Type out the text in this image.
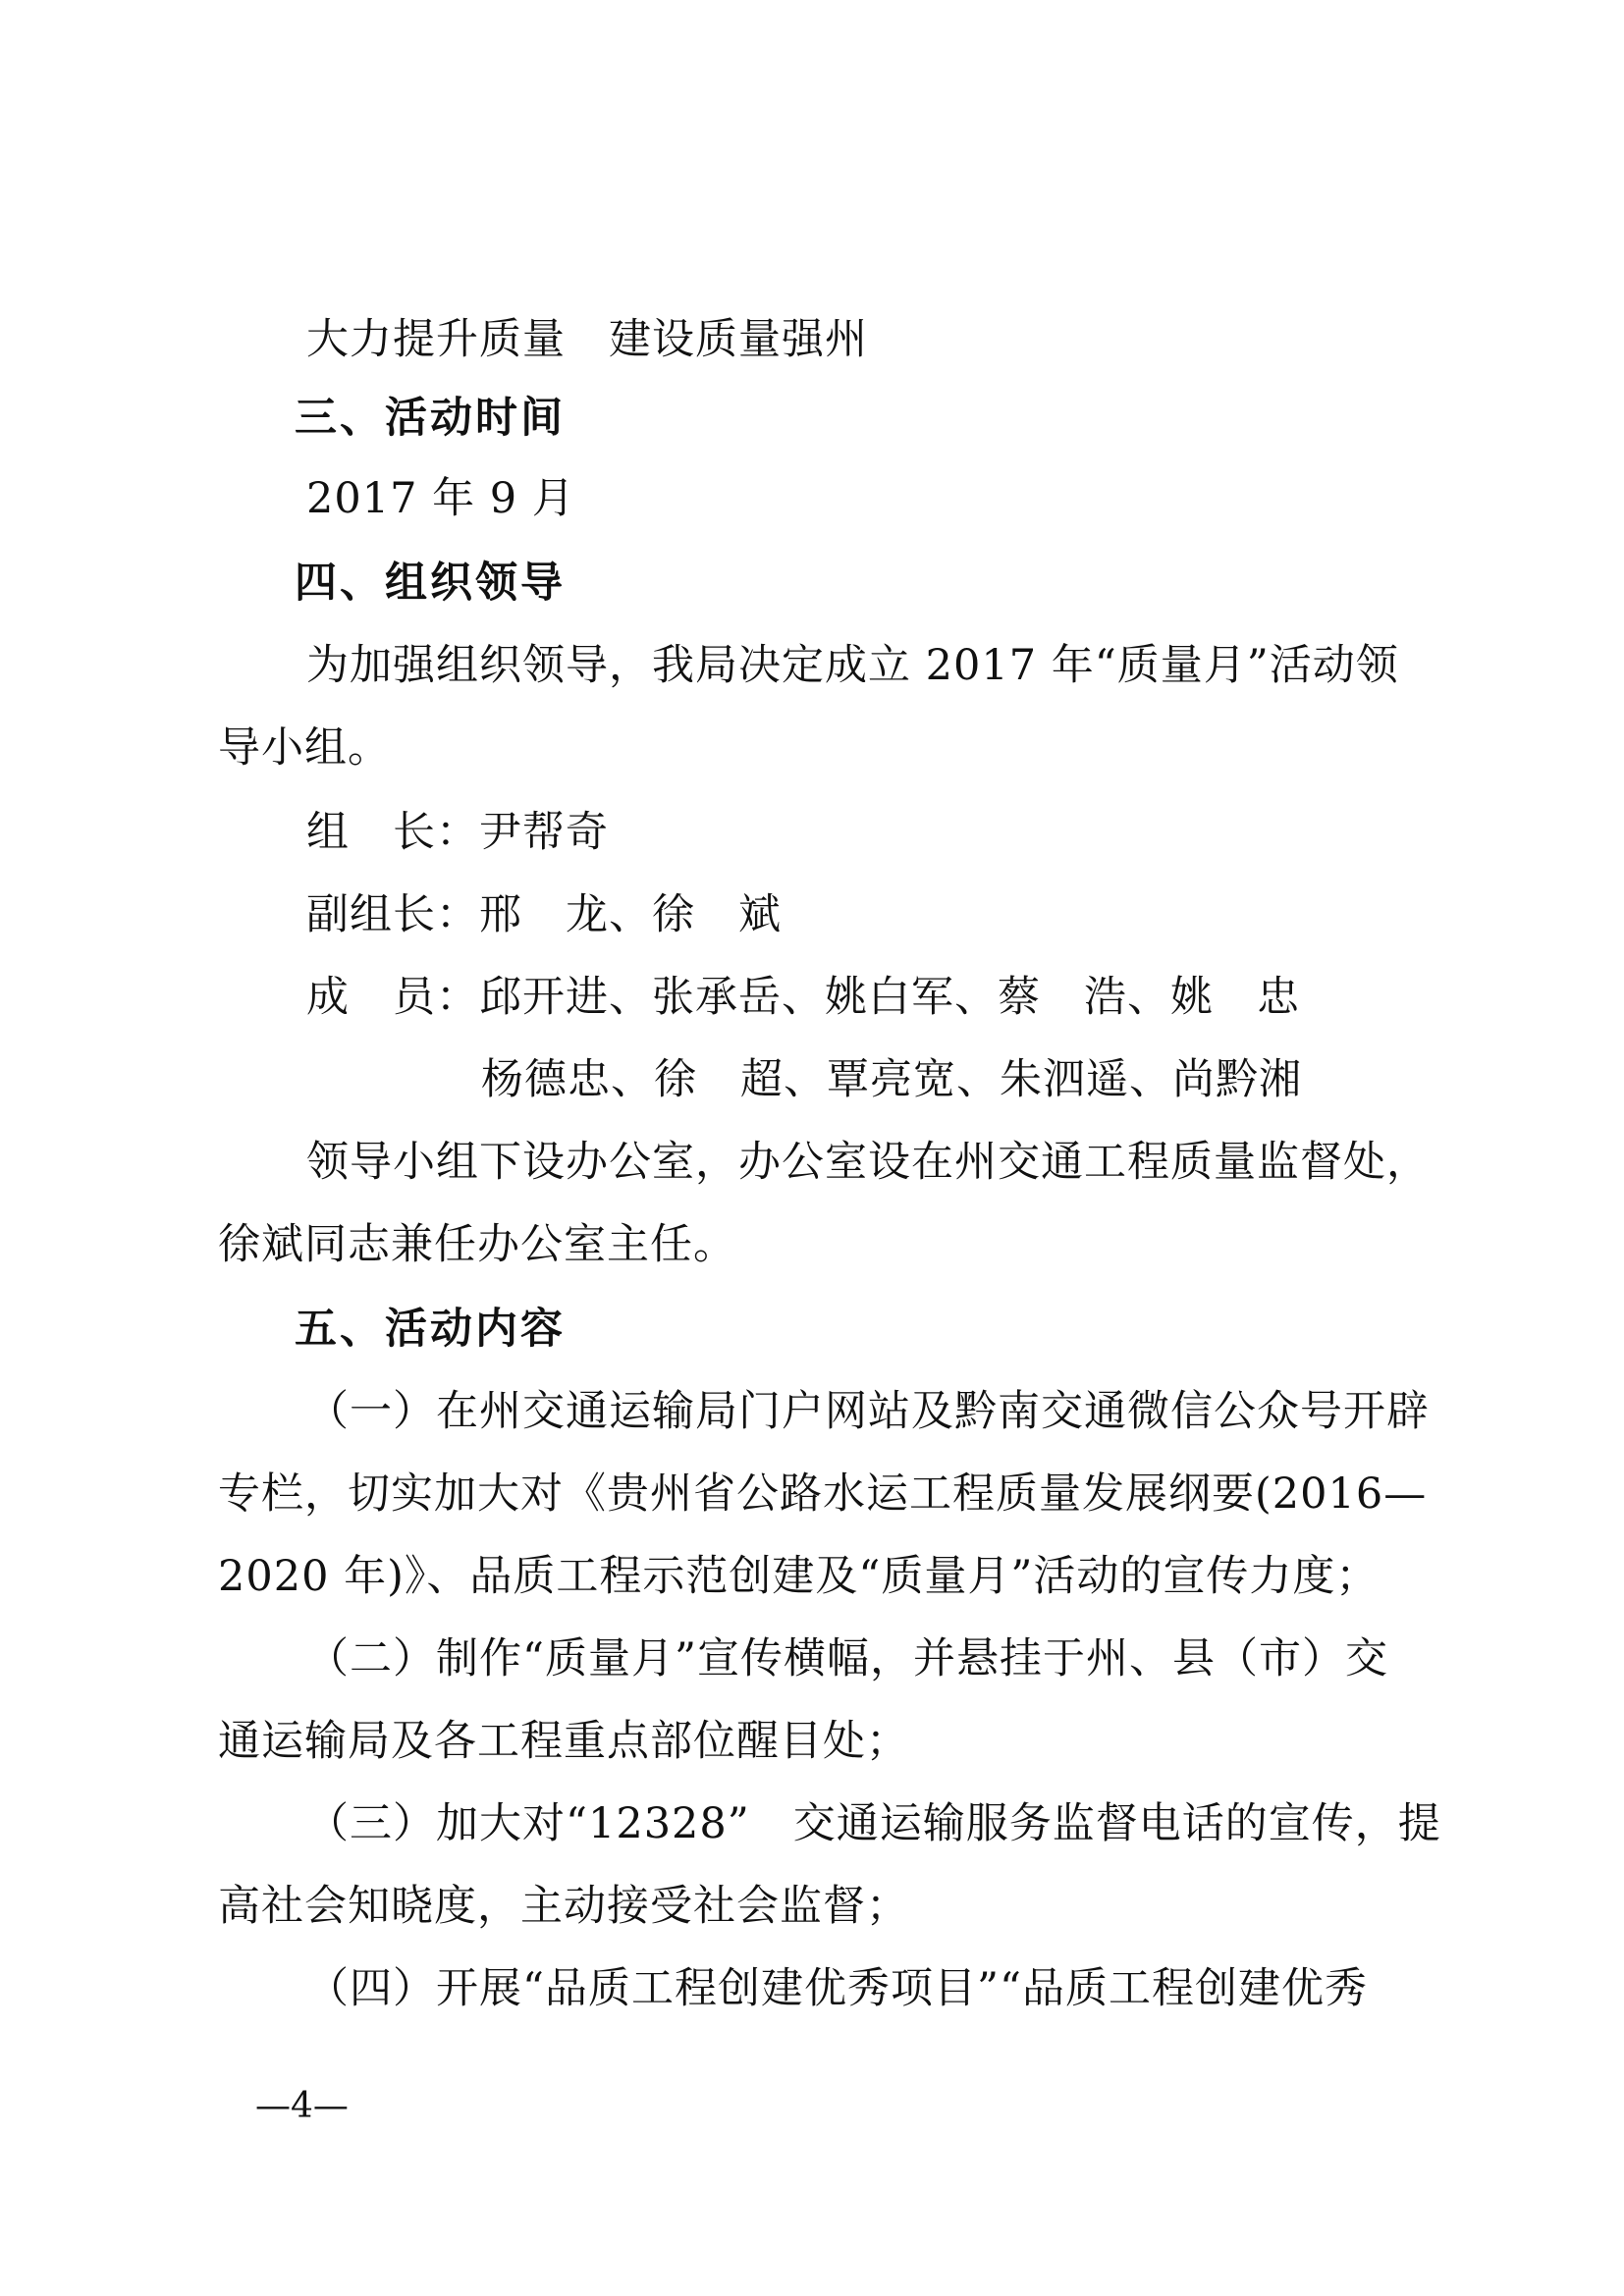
大力提升质量　建设质量强州

三、活动时间

2017 年 9 月

四、组织领导

为加强组织领导，我局决定成立 2017 年“质量月”活动领

导小组。

组　长：尹帮奇

副组长：邢　龙、徐　斌

成　员：邱开进、张承岳、姚白军、蔡　浩、姚　忠

杨德忠、徐　超、覃亮宽、朱泗遥、尚黔湘

领导小组下设办公室，办公室设在州交通工程质量监督处，

徐斌同志兼任办公室主任。

五、活动内容

（一）在州交通运输局门户网站及黔南交通微信公众号开辟

专栏，切实加大对《贵州省公路水运工程质量发展纲要(2016—

2020 年)》、品质工程示范创建及“质量月”活动的宣传力度；

（二）制作“质量月”宣传横幅，并悬挂于州、县（市）交

通运输局及各工程重点部位醒目处；

（三）加大对“12328”　交通运输服务监督电话的宣传，提

高社会知晓度，主动接受社会监督；

（四）开展“品质工程创建优秀项目”“品质工程创建优秀

—4—
